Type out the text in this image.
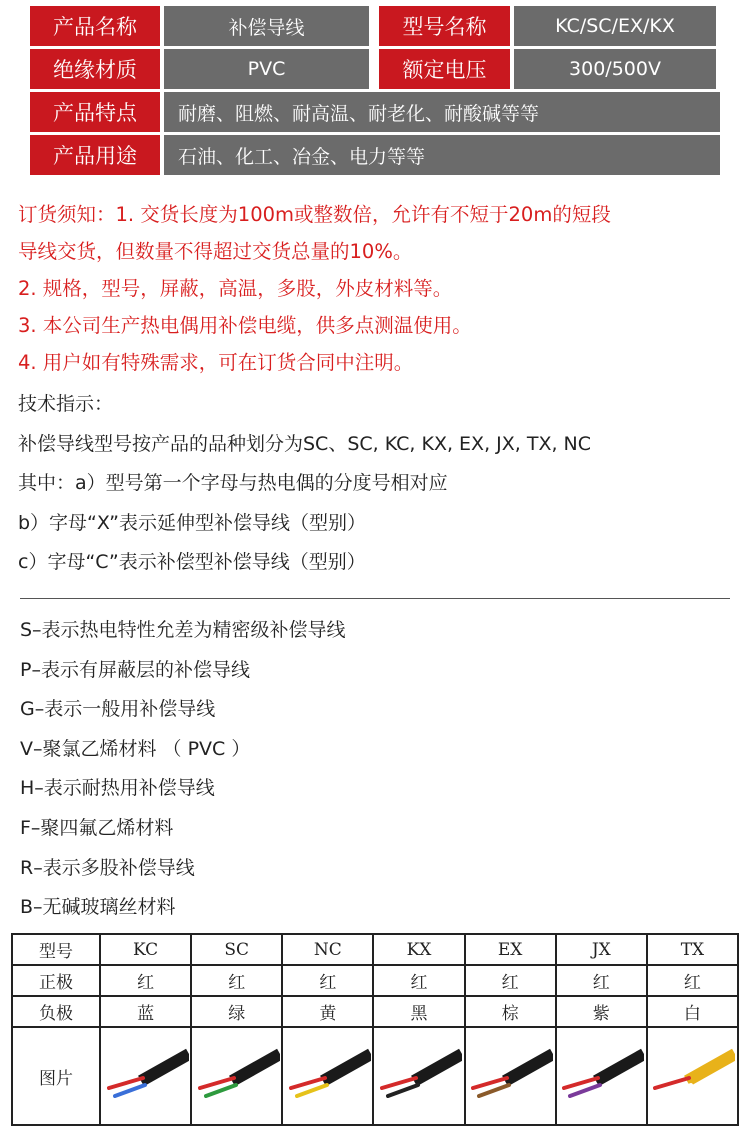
产品名称	补偿导线	型号名称	KC/SC/EX/KX
绝缘材质	PVC	额定电压	300/500V
产品特点	耐磨、阻燃、耐高温、耐老化、耐酸碱等等
产品用途	石油、化工、冶金、电力等等
订货须知：1. 交货长度为100m或整数倍，允许有不短于20m的短段
导线交货，但数量不得超过交货总量的10%。
2. 规格，型号，屏蔽，高温，多股，外皮材料等。
3. 本公司生产热电偶用补偿电缆，供多点测温使用。
4. 用户如有特殊需求，可在订货合同中注明。
技术指示：
补偿导线型号按产品的品种划分为SC、SC, KC, KX, EX, JX, TX, NC
其中：a）型号第一个字母与热电偶的分度号相对应
b）字母“X”表示延伸型补偿导线（型别）
c）字母“C”表示补偿型补偿导线（型别）
S–表示热电特性允差为精密级补偿导线
P–表示有屏蔽层的补偿导线
G–表示一般用补偿导线
V–聚氯乙烯材料 （ PVC ）
H–表示耐热用补偿导线
F–聚四氟乙烯材料
R–表示多股补偿导线
B–无碱玻璃丝材料
型号	KC	SC	NC	KX	EX	JX	TX
正极	红	红	红	红	红	红	红
负极	蓝	绿	黄	黑	棕	紫	白
图片	
